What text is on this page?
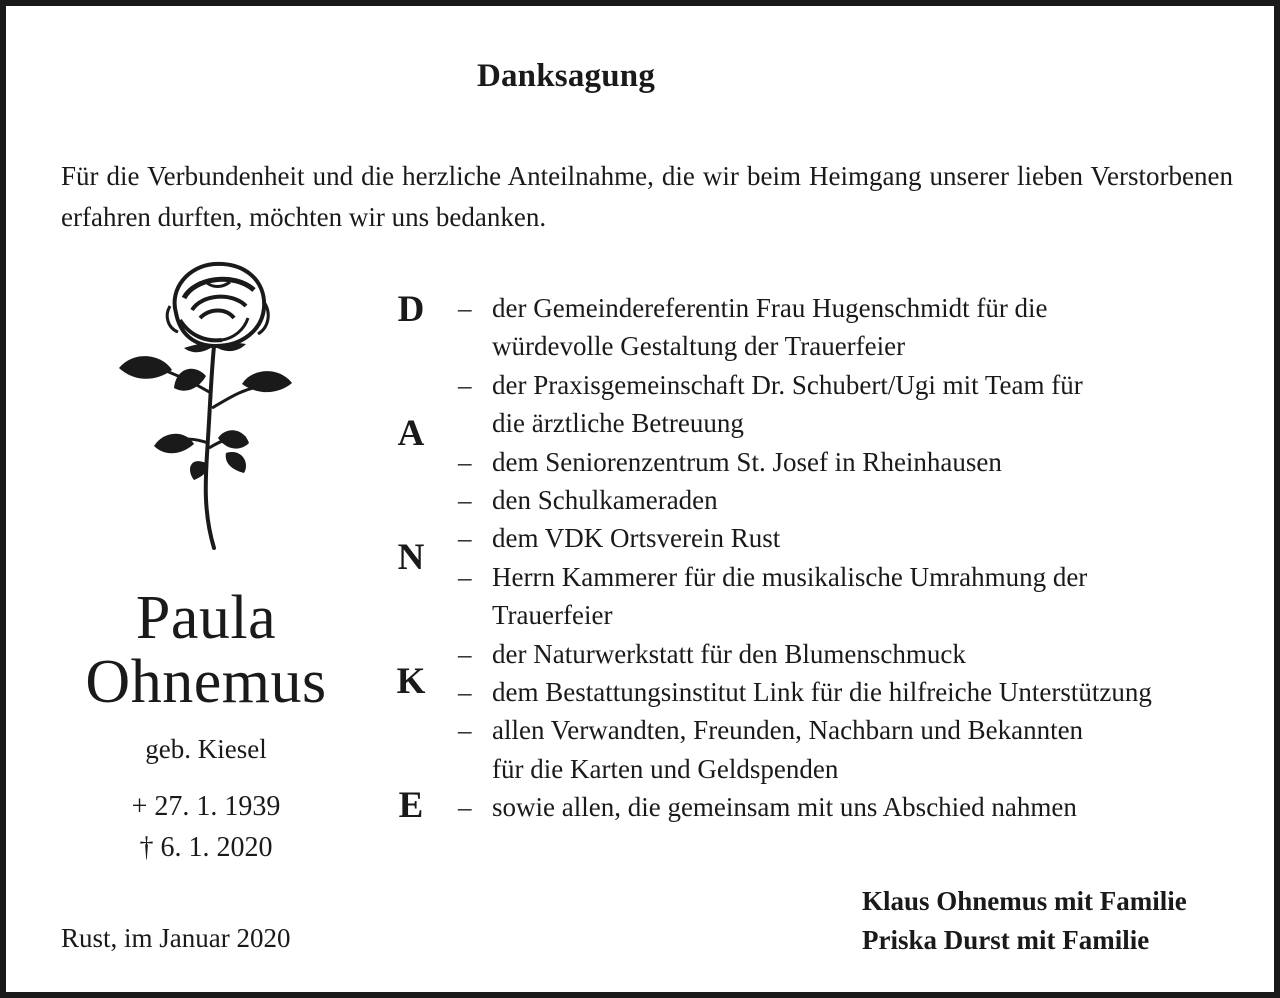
Danksagung
Für die Verbundenheit und die herzliche Anteilnahme, die wir beim Heimgang unserer lieben Verstorbenen erfahren durften, möchten wir uns bedanken.
Paula
Ohnemus
geb. Kiesel
+ 27. 1. 1939
† 6. 1. 2020
Rust, im Januar 2020
D
A
N
K
E
– der Gemeindereferentin Frau Hugenschmidt für die
würdevolle Gestaltung der Trauerfeier
– der Praxisgemeinschaft Dr. Schubert/Ugi mit Team für
die ärztliche Betreuung
– dem Seniorenzentrum St. Josef in Rheinhausen
– den Schulkameraden
– dem VDK Ortsverein Rust
– Herrn Kammerer für die musikalische Umrahmung der
Trauerfeier
– der Naturwerkstatt für den Blumenschmuck
– dem Bestattungsinstitut Link für die hilfreiche Unterstützung
– allen Verwandten, Freunden, Nachbarn und Bekannten
für die Karten und Geldspenden
– sowie allen, die gemeinsam mit uns Abschied nahmen
Klaus Ohnemus mit Familie
Priska Durst mit Familie
